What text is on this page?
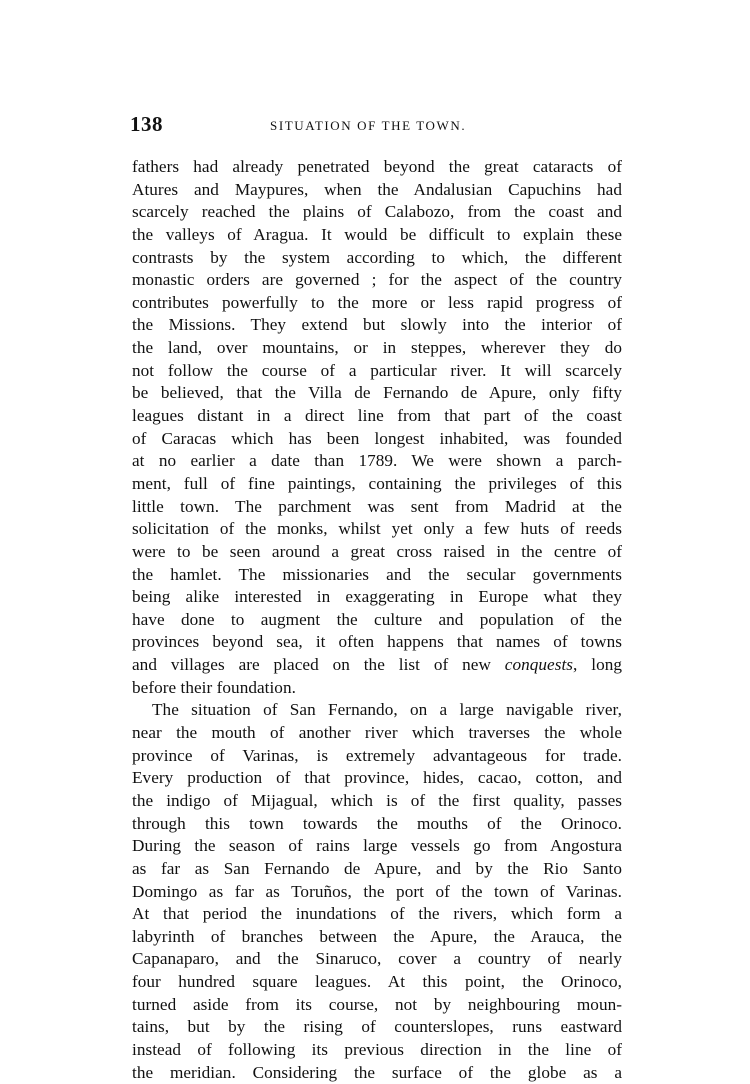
138	SITUATION OF THE TOWN.
fathers had already penetrated beyond the great cataracts of
Atures and Maypures, when the Andalusian Capuchins had
scarcely reached the plains of Calabozo, from the coast and
the valleys of Aragua. It would be difficult to explain these
contrasts by the system according to which, the different
monastic orders are governed ; for the aspect of the country
contributes powerfully to the more or less rapid progress of
the Missions. They extend but slowly into the interior of
the land, over mountains, or in steppes, wherever they do
not follow the course of a particular river. It will scarcely
be believed, that the Villa de Fernando de Apure, only fifty
leagues distant in a direct line from that part of the coast
of Caracas which has been longest inhabited, was founded
at no earlier a date than 1789. We were shown a parch-
ment, full of fine paintings, containing the privileges of this
little town. The parchment was sent from Madrid at the
solicitation of the monks, whilst yet only a few huts of reeds
were to be seen around a great cross raised in the centre of
the hamlet. The missionaries and the secular governments
being alike interested in exaggerating in Europe what they
have done to augment the culture and population of the
provinces beyond sea, it often happens that names of towns
and villages are placed on the list of new conquests, long
before their foundation.
The situation of San Fernando, on a large navigable river,
near the mouth of another river which traverses the whole
province of Varinas, is extremely advantageous for trade.
Every production of that province, hides, cacao, cotton, and
the indigo of Mijagual, which is of the first quality, passes
through this town towards the mouths of the Orinoco.
During the season of rains large vessels go from Angostura
as far as San Fernando de Apure, and by the Rio Santo
Domingo as far as Toruños, the port of the town of Varinas.
At that period the inundations of the rivers, which form a
labyrinth of branches between the Apure, the Arauca, the
Capanaparo, and the Sinaruco, cover a country of nearly
four hundred square leagues. At this point, the Orinoco,
turned aside from its course, not by neighbouring moun-
tains, but by the rising of counterslopes, runs eastward
instead of following its previous direction in the line of
the meridian. Considering the surface of the globe as a
